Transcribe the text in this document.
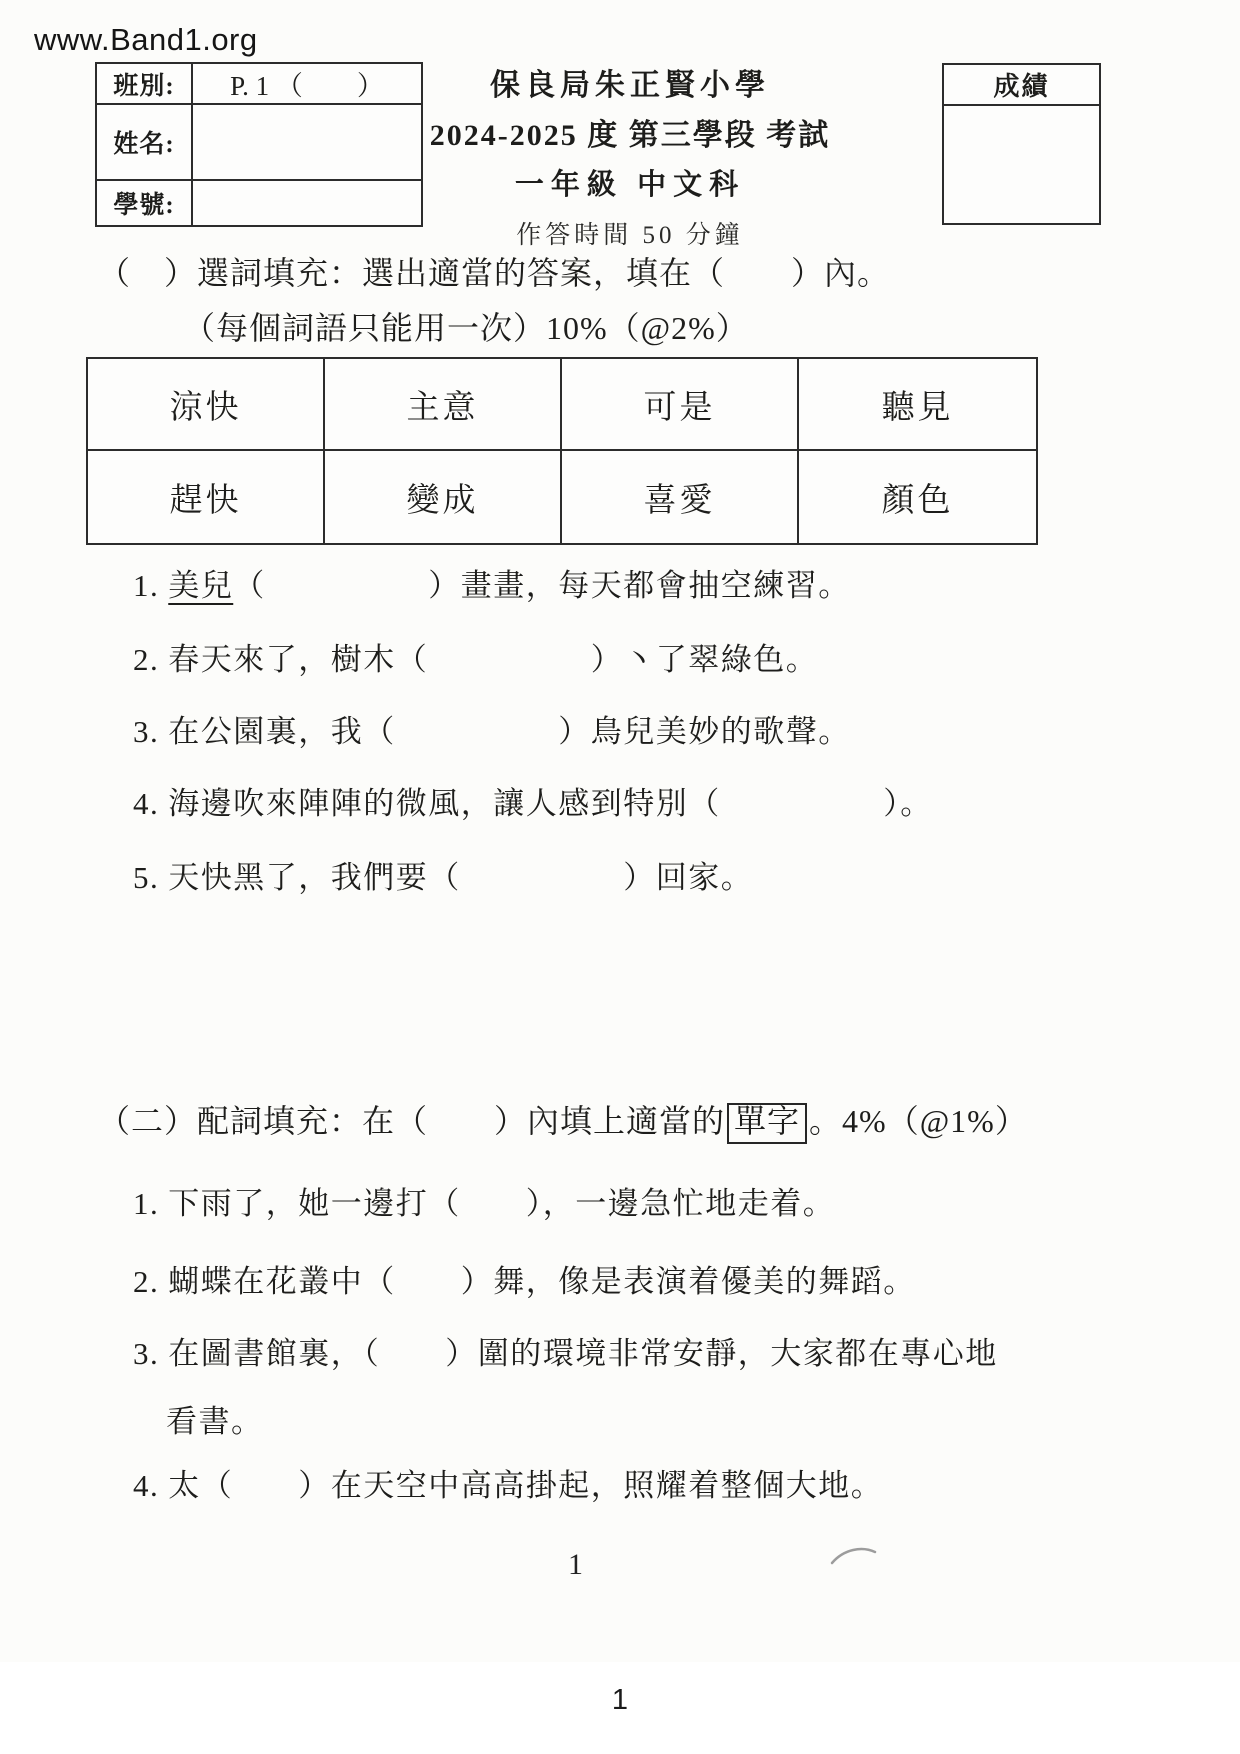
www.Band1.org
班別:	P. 1 （　　）
姓名:
學號:
保良局朱正賢小學
2024-2025 度 第三學段 考試
一年級 中文科
作答時間 50 分鐘
成績
（　）選詞填充：選出適當的答案，填在（　　）內。
（每個詞語只能用一次）10%（@2%）
涼快	主意	可是	聽見
趕快	變成	喜愛	顏色
1. 美兒（　　　　　）畫畫，每天都會抽空練習。
2. 春天來了，樹木（　　　　　）丶了翠綠色。
3. 在公園裏，我（　　　　　）鳥兒美妙的歌聲。
4. 海邊吹來陣陣的微風，讓人感到特別（　　　　　）。
5. 天快黑了，我們要（　　　　　）回家。
（二）配詞填充：在（　　）內填上適當的 單字 。4%（@1%）
1. 下雨了，她一邊打（　　），一邊急忙地走着。
2. 蝴蝶在花叢中（　　）舞，像是表演着優美的舞蹈。
3. 在圖書館裏，（　　）圍的環境非常安靜，大家都在專心地
看書。
4. 太（　　）在天空中高高掛起，照耀着整個大地。
1
1
